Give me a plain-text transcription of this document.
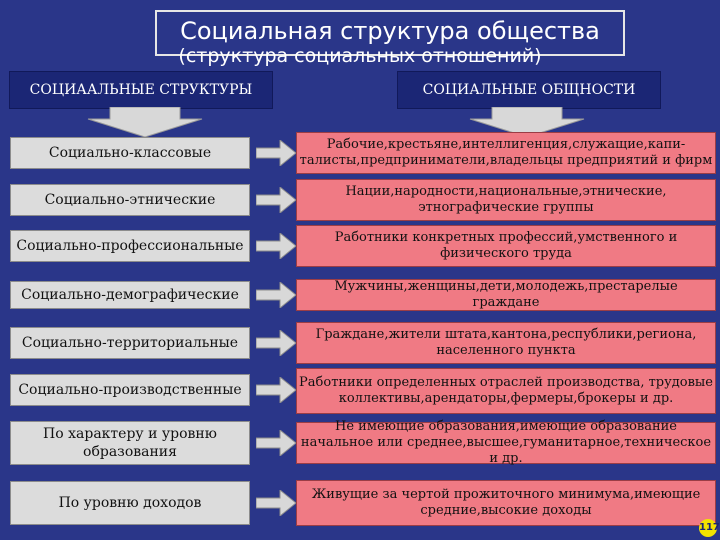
Социальная структура общества
(структура социальных отношений)
СОЦИААЛЬНЫЕ СТРУКТУРЫ	СОЦИАЛЬНЫЕ ОБЩНОСТИ
Социально-классовые
Рабочие,крестьяне,интеллигенция,служащие,капи-талисты,предприниматели,владельцы предприятий и фирм
Социально-этнические
Нации,народности,национальные,этнические, этнографические группы
Социально-профессиональные
Работники конкретных профессий,умственного и физического труда
Социально-демографические
Мужчины,женщины,дети,молодежь,престарелые граждане
Социально-территориальные
Граждане,жители штата,кантона,республики,региона, населенного пункта
Социально-производственные	Работники определенных отраслей производства, трудовые коллективы,арендаторы,фермеры,брокеры и др.
По характеру и уровню образования
Не имеющие образования,имеющие образование начальное или среднее,высшее,гуманитарное,техническое и др.
По уровню доходов
Живущие за чертой прожиточного минимума,имеющие средние,высокие доходы
117
